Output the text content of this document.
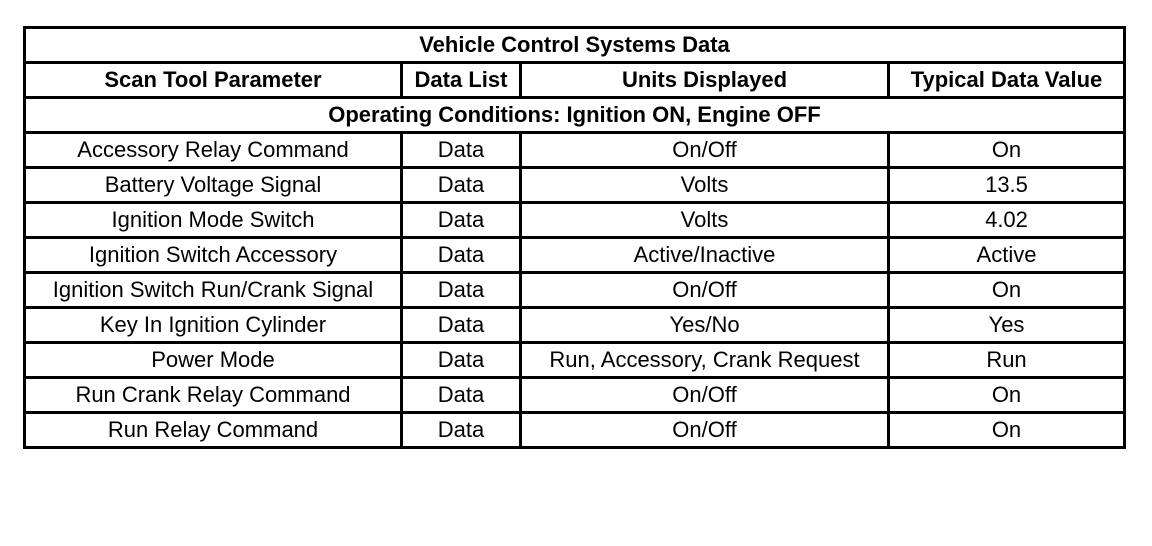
Vehicle Control Systems Data			
Scan Tool Parameter	Data List	Units Displayed	Typical Data Value
Operating Conditions: Ignition ON, Engine OFF			
Accessory Relay Command	Data	On/Off	On
Battery Voltage Signal	Data	Volts	13.5
Ignition Mode Switch	Data	Volts	4.02
Ignition Switch Accessory	Data	Active/Inactive	Active
Ignition Switch Run/Crank Signal	Data	On/Off	On
Key In Ignition Cylinder	Data	Yes/No	Yes
Power Mode	Data	Run, Accessory, Crank Request	Run
Run Crank Relay Command	Data	On/Off	On
Run Relay Command	Data	On/Off	On
